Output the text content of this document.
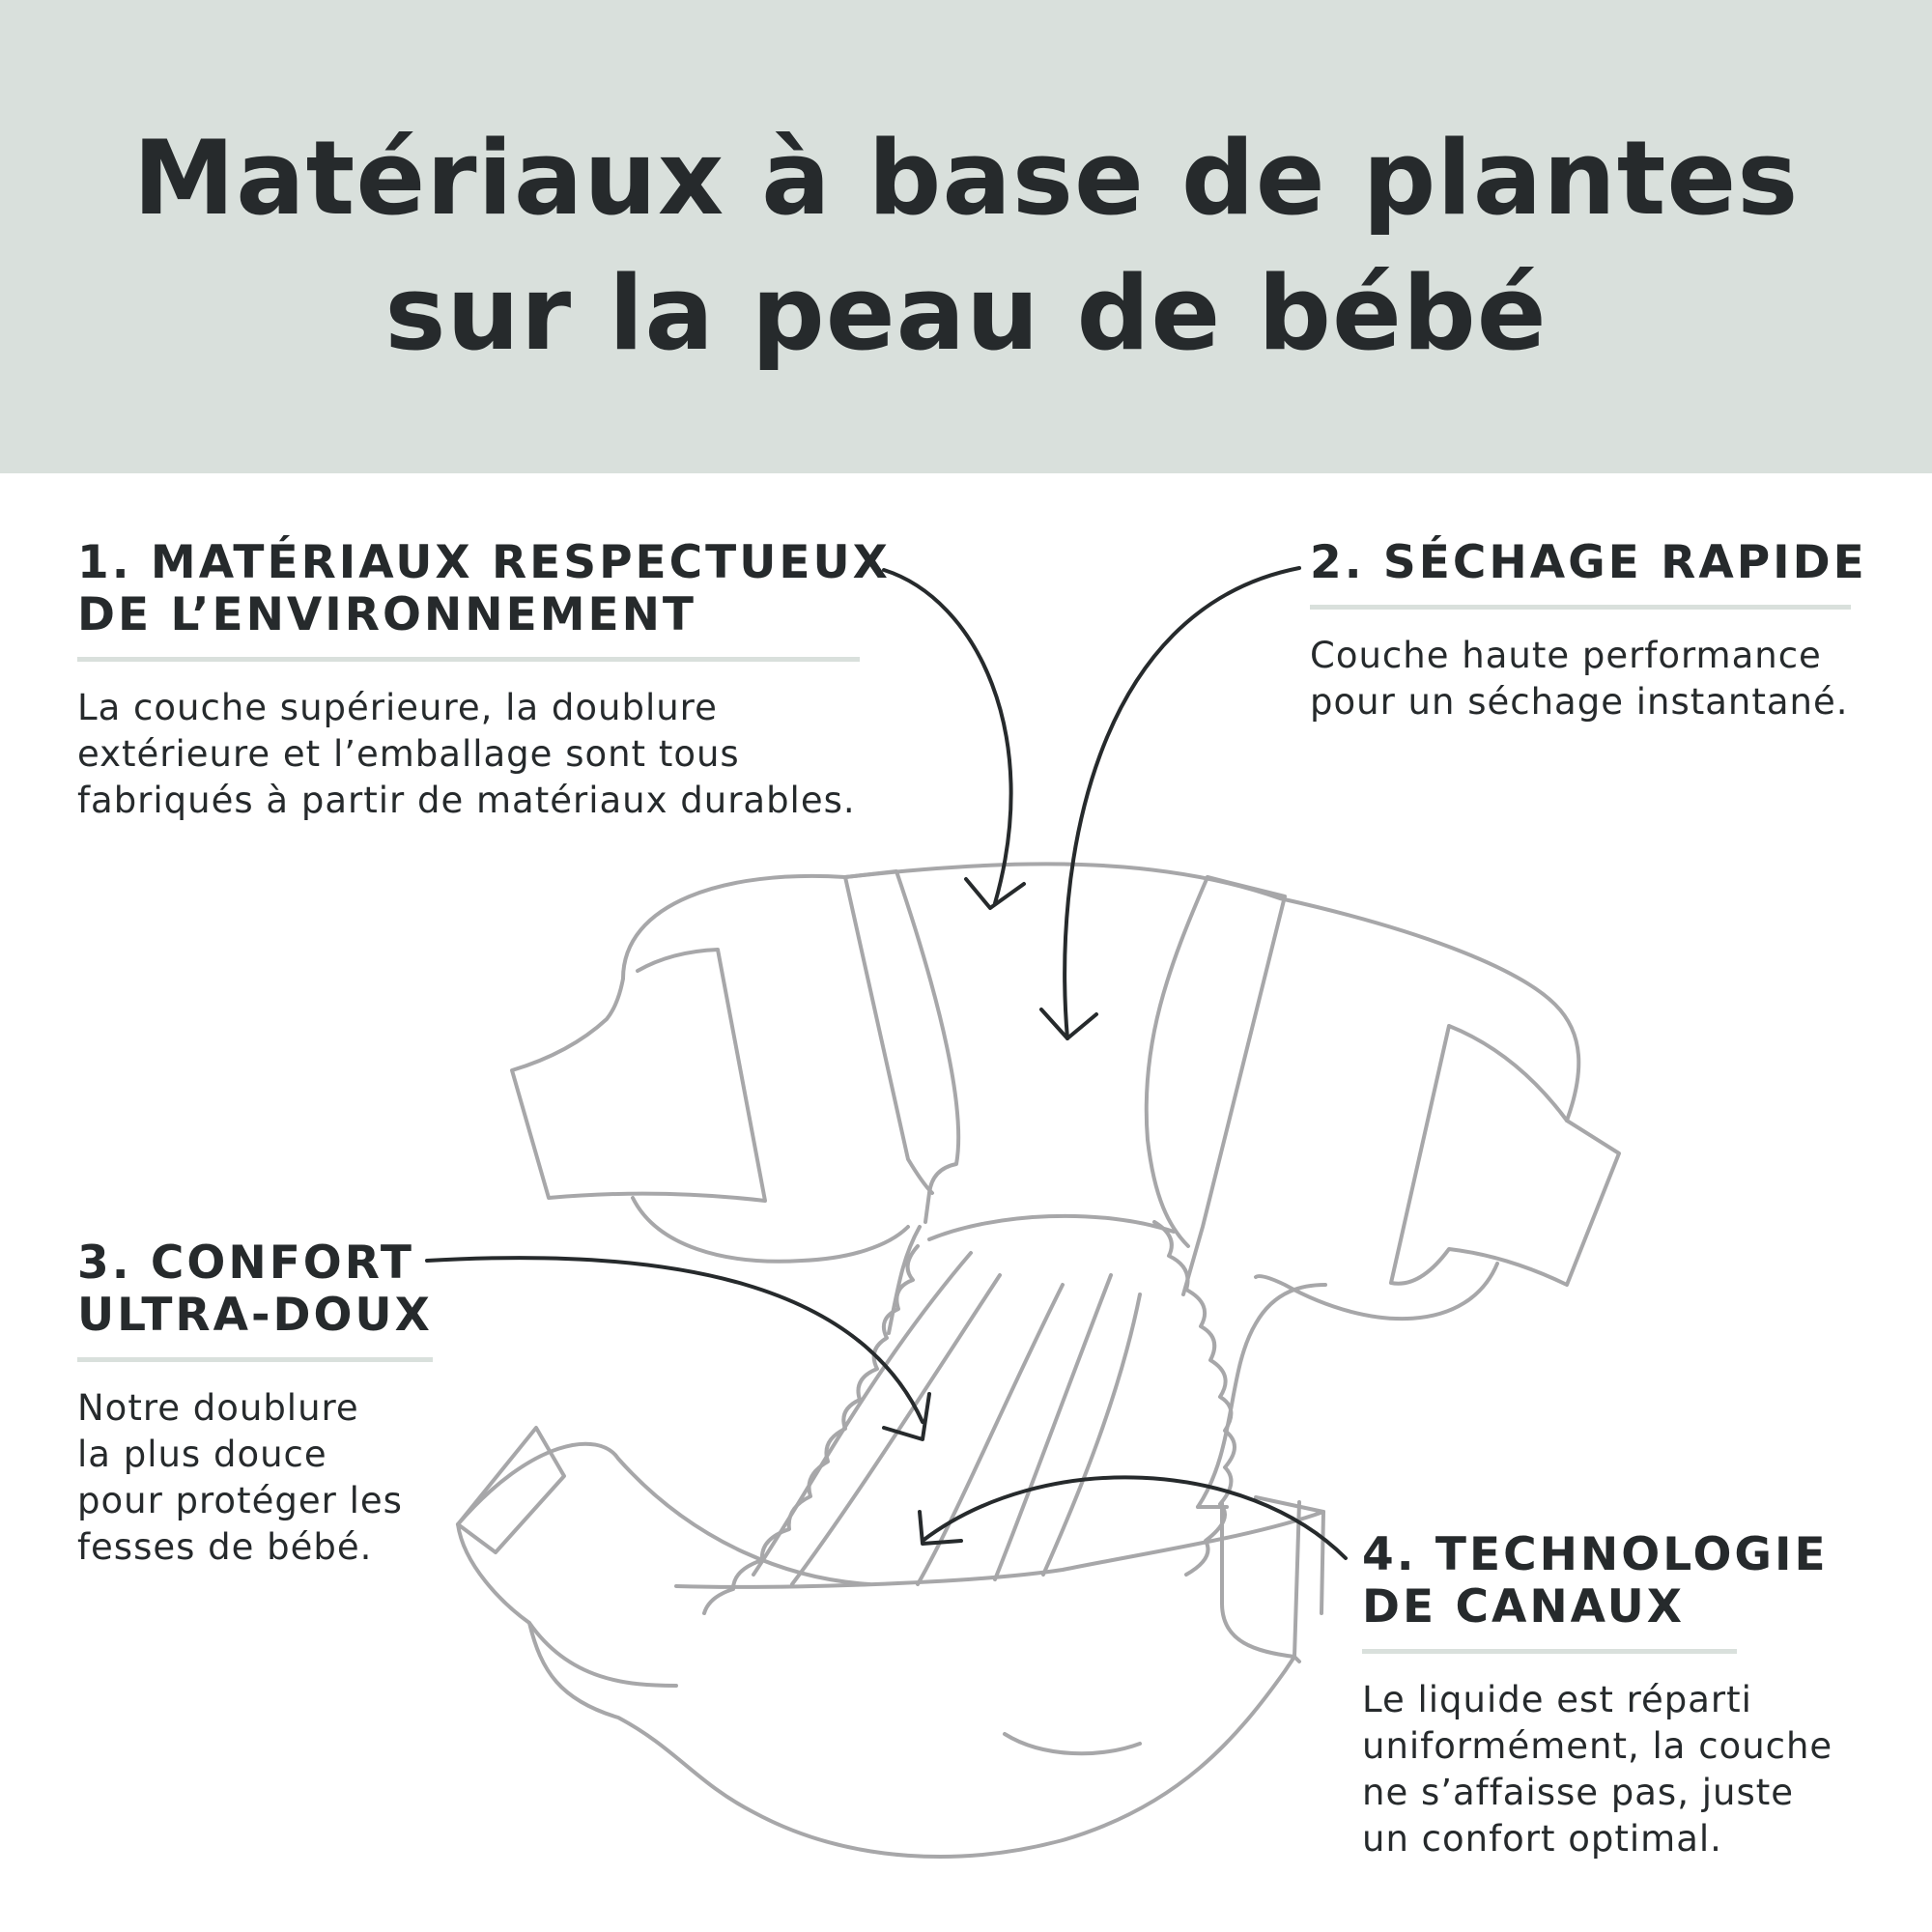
Matériaux à base de plantes
sur la peau de bébé
1. MATÉRIAUX RESPECTUEUX
DE L’ENVIRONNEMENT

La couche supérieure, la doublure
extérieure et l’emballage sont tous
fabriqués à partir de matériaux durables.

2. SÉCHAGE RAPIDE

Couche haute performance
pour un séchage instantané.

3. CONFORT
ULTRA-DOUX

Notre doublure
la plus douce
pour protéger les
fesses de bébé.	4. TECHNOLOGIE
DE CANAUX

Le liquide est réparti
uniformément, la couche
ne s’affaisse pas, juste
un confort optimal.
